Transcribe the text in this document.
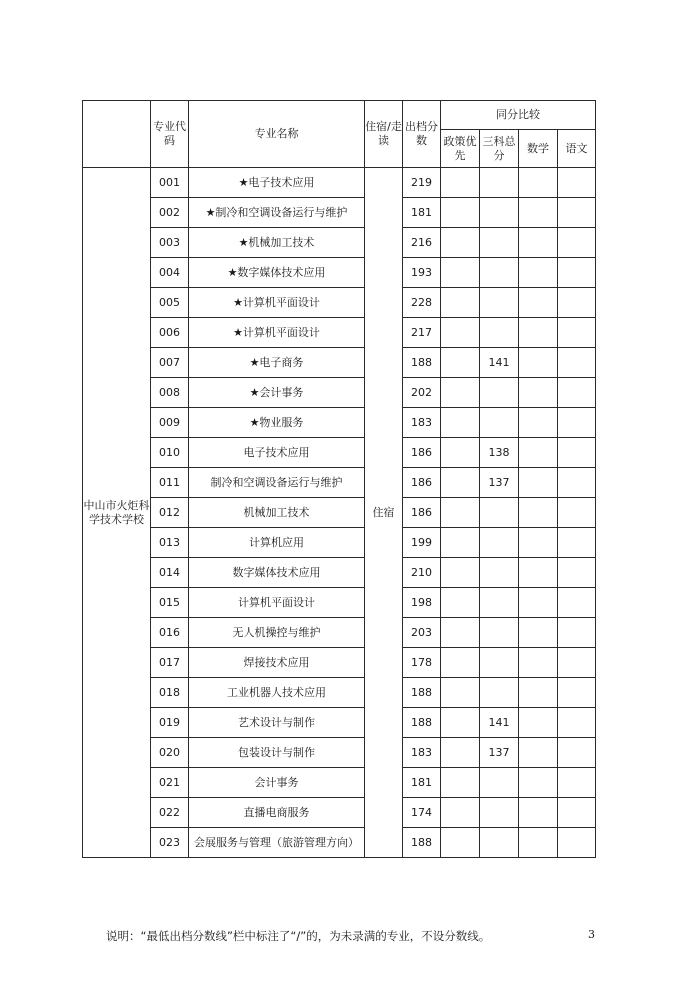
	专业代码	专业名称	住宿/走读	出档分数	同分比较			
					政策优先	三科总分	数学	语文
中山市火炬科学技术学校	001	★电子技术应用	住宿	219				
	002	★制冷和空调设备运行与维护		181				
	003	★机械加工技术		216				
	004	★数字媒体技术应用		193				
	005	★计算机平面设计		228				
	006	★计算机平面设计		217				
	007	★电子商务		188		141		
	008	★会计事务		202				
	009	★物业服务		183				
	010	电子技术应用		186		138		
	011	制冷和空调设备运行与维护		186		137		
	012	机械加工技术		186				
	013	计算机应用		199				
	014	数字媒体技术应用		210				
	015	计算机平面设计		198				
	016	无人机操控与维护		203				
	017	焊接技术应用		178				
	018	工业机器人技术应用		188				
	019	艺术设计与制作		188		141		
	020	包装设计与制作		183		137		
	021	会计事务		181				
	022	直播电商服务		174				
	023	会展服务与管理（旅游管理方向）		188				
说明：“最低出档分数线”栏中标注了“/”的，为未录满的专业，不设分数线。	3
